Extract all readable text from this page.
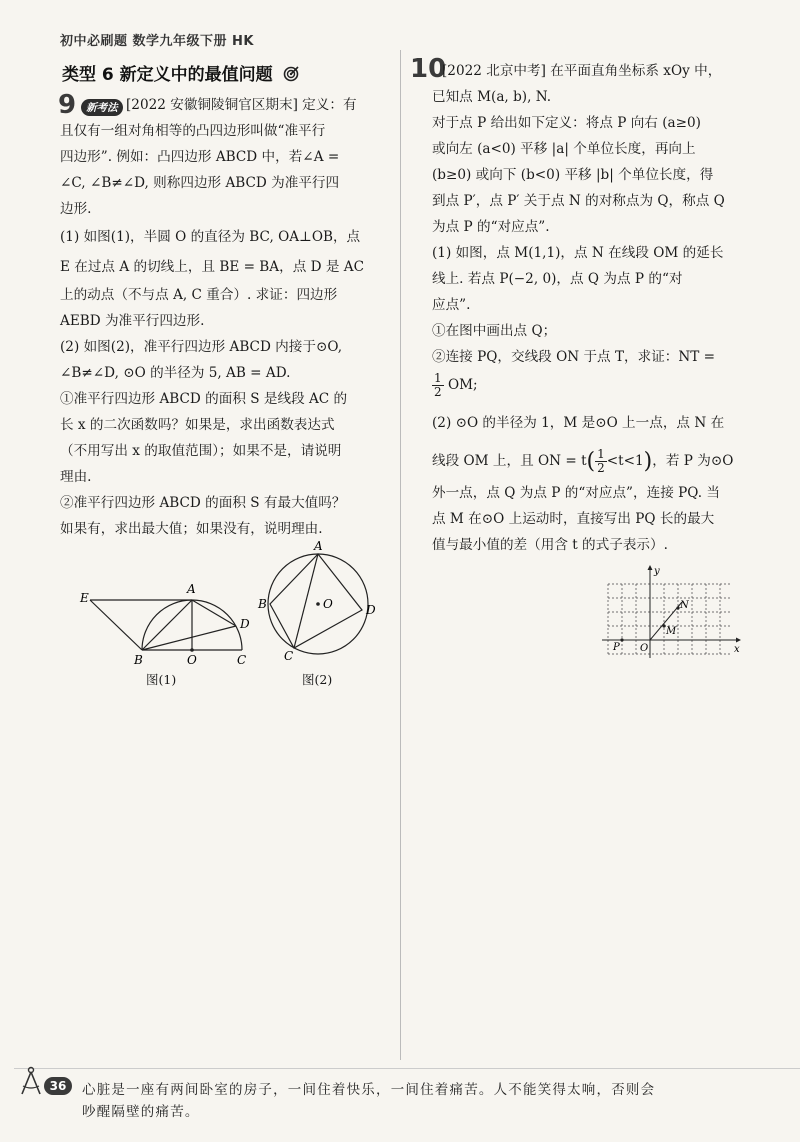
初中必刷题 数学九年级下册 HK
类型 6 新定义中的最值问题
9 新考法 [2022 安徽铜陵铜官区期末] 定义：有
且仅有一组对角相等的凸四边形叫做“准平行
四边形”. 例如：凸四边形 ABCD 中，若∠A =
∠C, ∠B≠∠D, 则称四边形 ABCD 为准平行四
边形.
(1) 如图(1)，半圆 O 的直径为 BC, OA⊥OB，点
E 在过点 A 的切线上，且 BE = BA，点 D 是 AC
上的动点（不与点 A, C 重合）. 求证：四边形
AEBD 为准平行四边形.
(2) 如图(2)，准平行四边形 ABCD 内接于⊙O,
∠B≠∠D, ⊙O 的半径为 5, AB = AD.
①准平行四边形 ABCD 的面积 S 是线段 AC 的
长 x 的二次函数吗？如果是，求出函数表达式
（不用写出 x 的取值范围）；如果不是，请说明
理由.
②准平行四边形 ABCD 的面积 S 有最大值吗？
如果有，求出最大值；如果没有，说明理由.
E
A
D
B	O	C
图(1)
A
B
C
D
O
图(2)
10
[2022 北京中考] 在平面直角坐标系 xOy 中，
已知点 M(a, b), N.
对于点 P 给出如下定义：将点 P 向右 (a≥0)
或向左 (a<0) 平移 |a| 个单位长度，再向上
(b≥0) 或向下 (b<0) 平移 |b| 个单位长度，得
到点 P′，点 P′ 关于点 N 的对称点为 Q，称点 Q
为点 P 的“对应点”.
(1) 如图，点 M(1,1)，点 N 在线段 OM 的延长
线上. 若点 P(−2, 0)，点 Q 为点 P 的“对
应点”.
①在图中画出点 Q；
②连接 PQ，交线段 ON 于点 T，求证：NT =
$\frac{1}{2}$ OM;
(2) ⊙O 的半径为 1，M 是⊙O 上一点，点 N 在
线段 OM 上，且 ON = $t( \frac{1}{2} <t<1)$，若 P 为⊙O
外一点，点 Q 为点 P 的“对应点”，连接 PQ. 当
点 M 在⊙O 上运动时，直接写出 PQ 长的最大
值与最小值的差（用含 t 的式子表示）.
y
x
N
M
P O
36	心脏是一座有两间卧室的房子，一间住着快乐，一间住着痛苦。人不能笑得太响，否则会
吵醒隔壁的痛苦。
